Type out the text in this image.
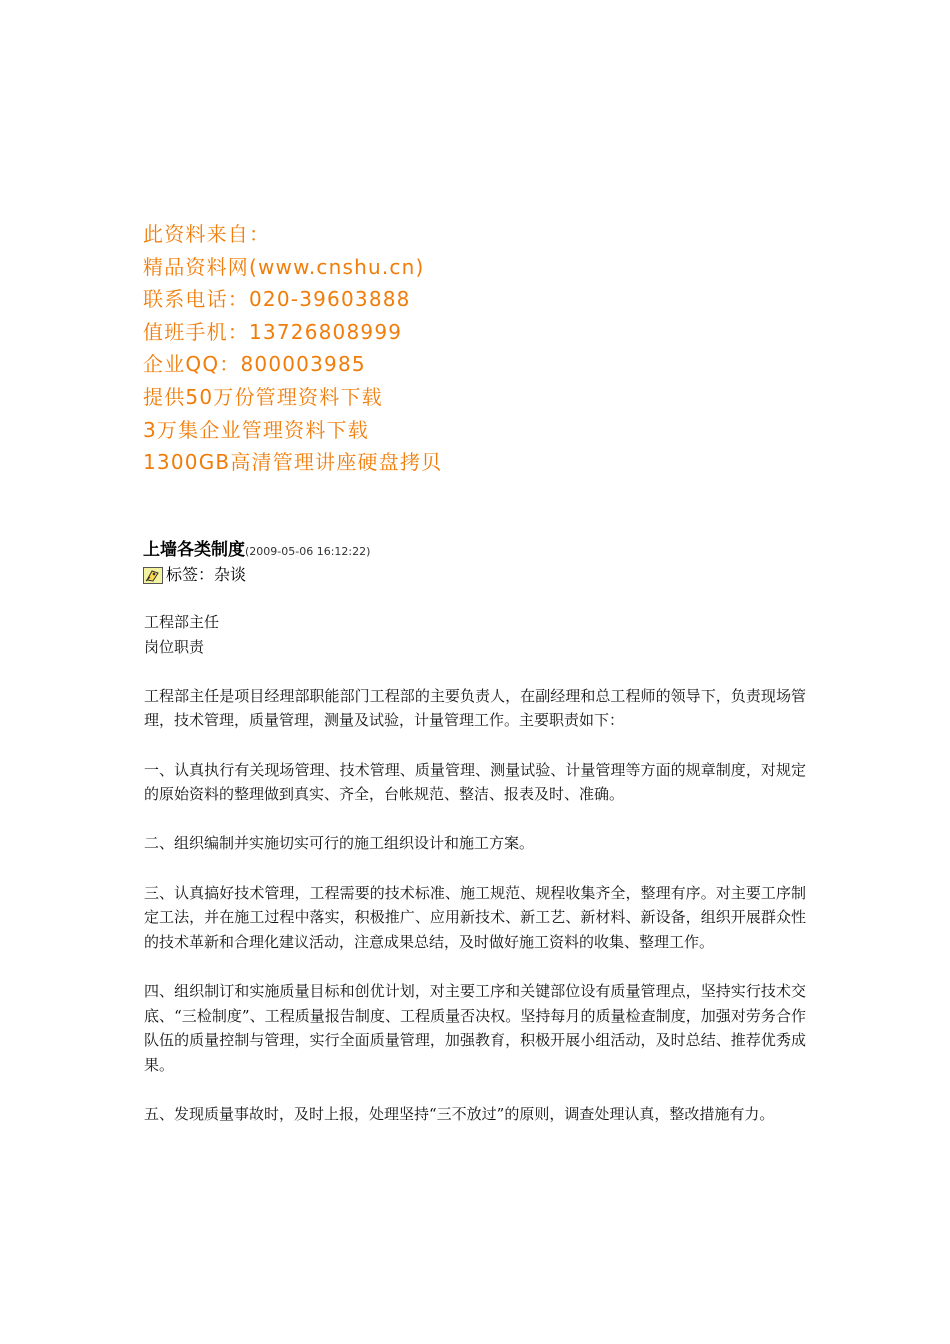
此资料来自：
精品资料网(www.cnshu.cn)
联系电话：020-39603888
值班手机：13726808999
企业QQ：800003985
提供50万份管理资料下载
3万集企业管理资料下载
1300GB高清管理讲座硬盘拷贝
上墙各类制度(2009-05-06 16:12:22)
标签：杂谈

工程部主任

岗位职责

工程部主任是项目经理部职能部门工程部的主要负责人，在副经理和总工程师的领导下，负责现场管理，技术管理，质量管理，测量及试验，计量管理工作。主要职责如下：

一、认真执行有关现场管理、技术管理、质量管理、测量试验、计量管理等方面的规章制度，对规定的原始资料的整理做到真实、齐全，台帐规范、整洁、报表及时、准确。

二、组织编制并实施切实可行的施工组织设计和施工方案。

三、认真搞好技术管理，工程需要的技术标准、施工规范、规程收集齐全，整理有序。对主要工序制定工法，并在施工过程中落实，积极推广、应用新技术、新工艺、新材料、新设备，组织开展群众性的技术革新和合理化建议活动，注意成果总结，及时做好施工资料的收集、整理工作。

四、组织制订和实施质量目标和创优计划，对主要工序和关键部位设有质量管理点，坚持实行技术交底、“三检制度”、工程质量报告制度、工程质量否决权。坚持每月的质量检查制度，加强对劳务合作队伍的质量控制与管理，实行全面质量管理，加强教育，积极开展小组活动，及时总结、推荐优秀成果。

五、发现质量事故时，及时上报，处理坚持“三不放过”的原则，调查处理认真，整改措施有力。
